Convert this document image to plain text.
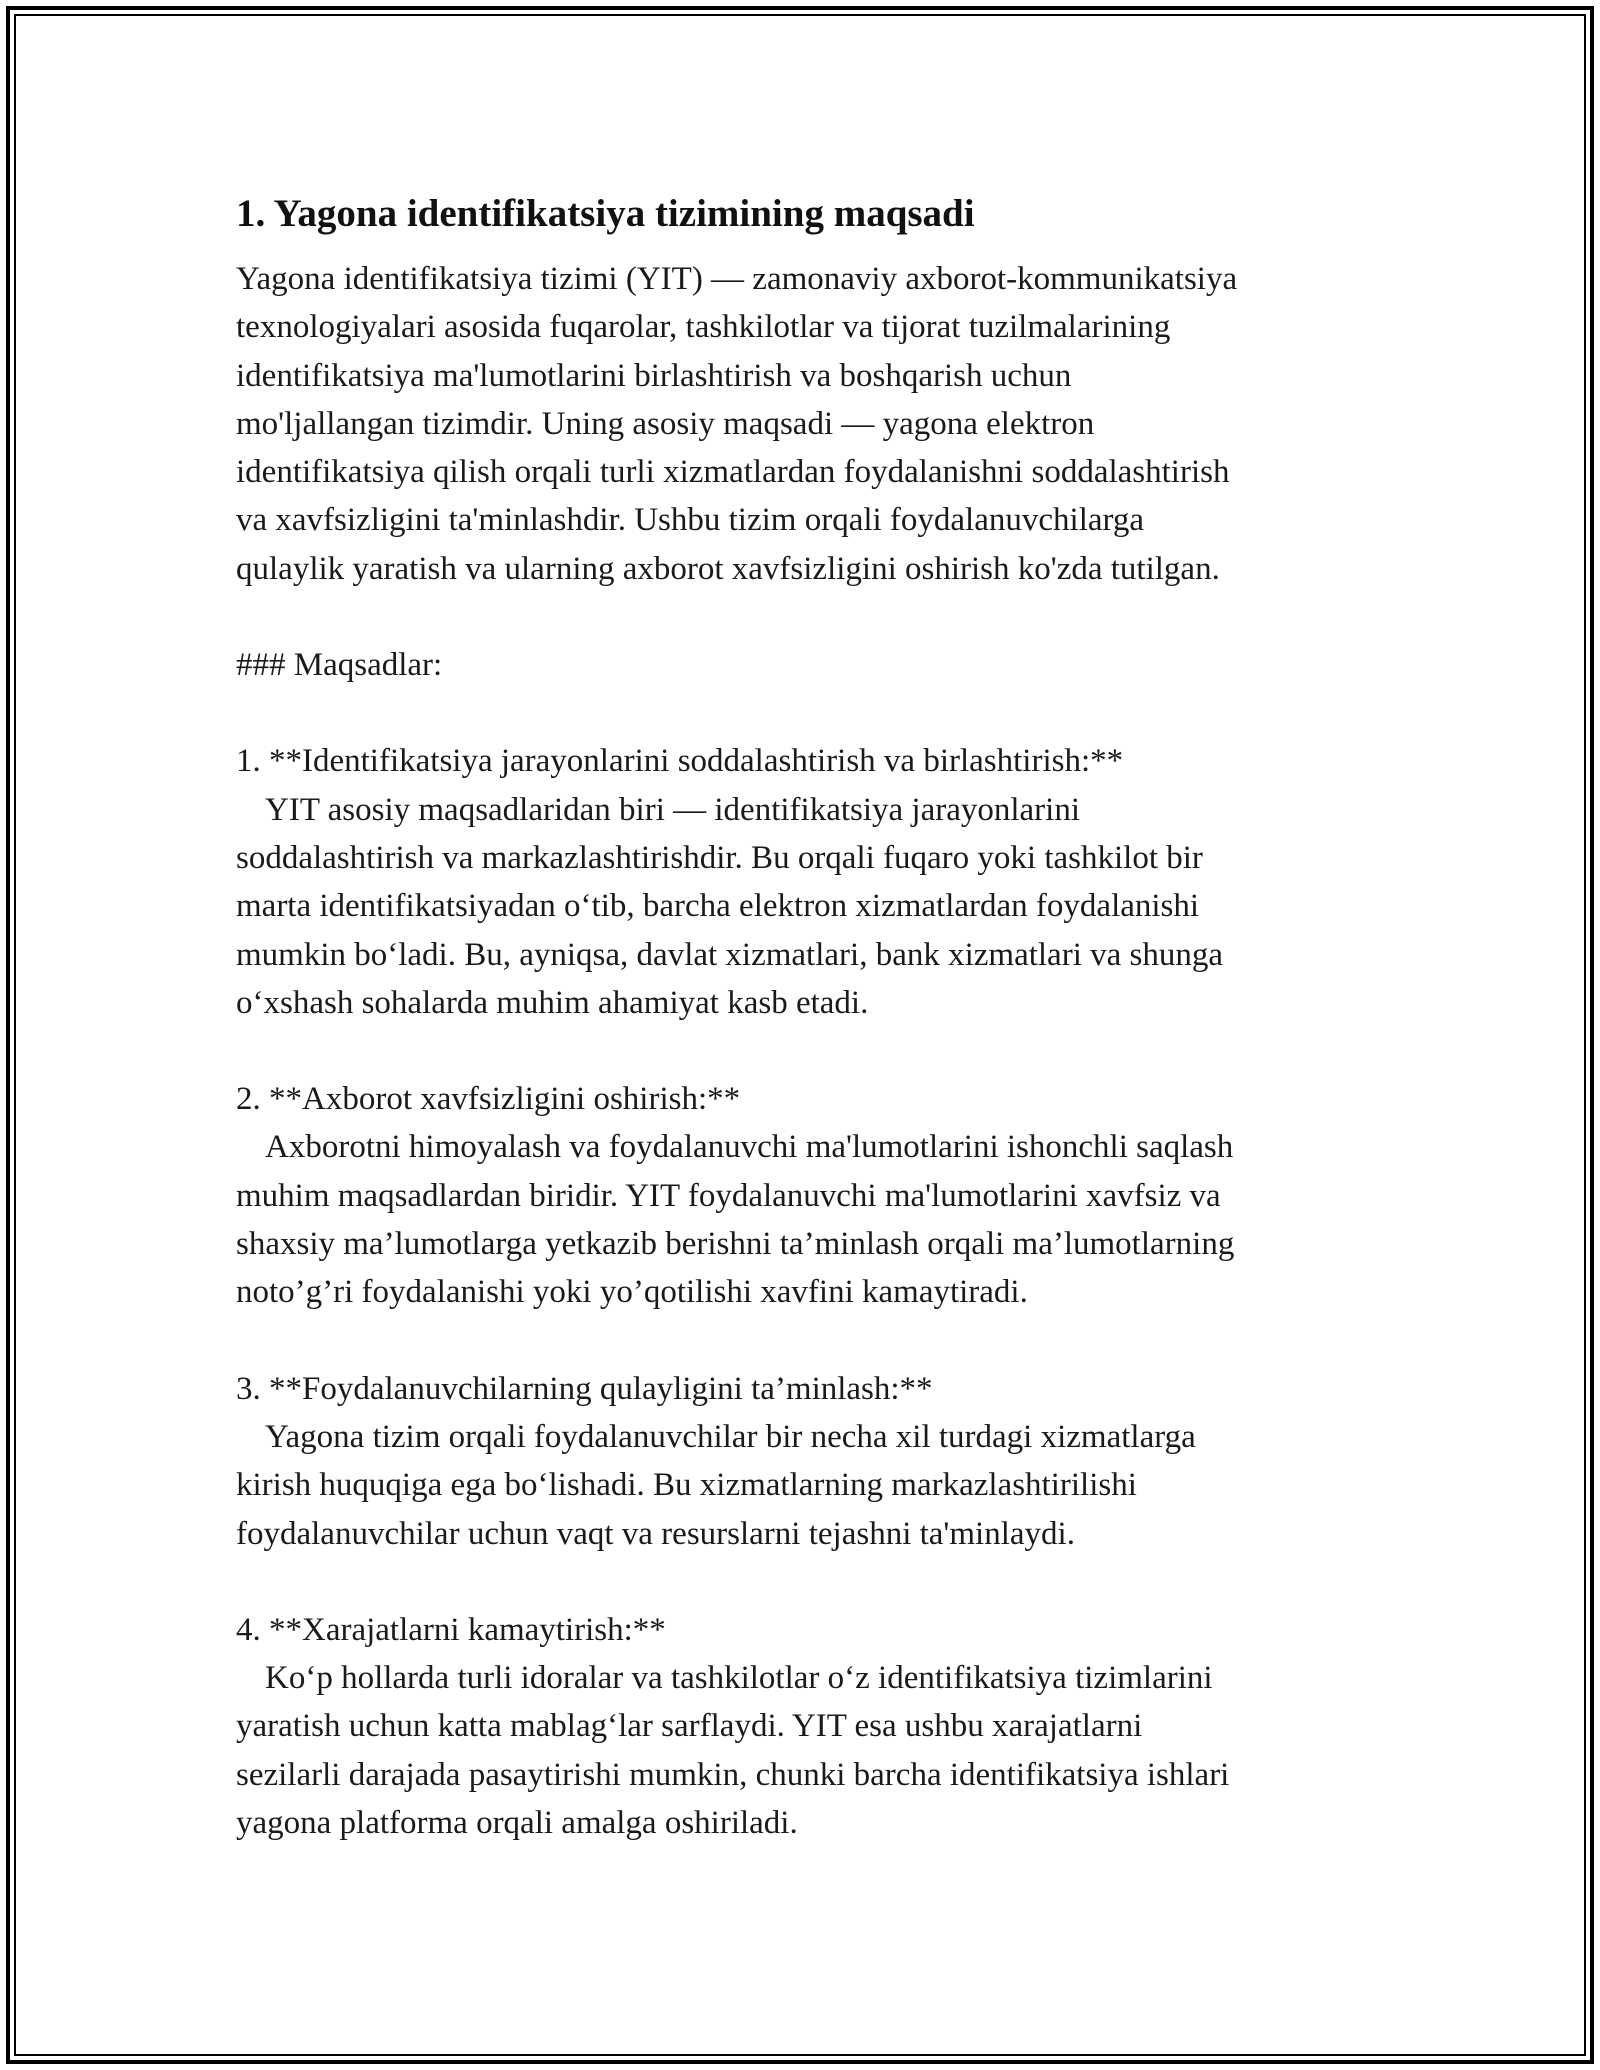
1. Yagona identifikatsiya tizimining maqsadi
Yagona identifikatsiya tizimi (YIT) — zamonaviy axborot-kommunikatsiya
texnologiyalari asosida fuqarolar, tashkilotlar va tijorat tuzilmalarining
identifikatsiya ma'lumotlarini birlashtirish va boshqarish uchun
mo'ljallangan tizimdir. Uning asosiy maqsadi — yagona elektron
identifikatsiya qilish orqali turli xizmatlardan foydalanishni soddalashtirish
va xavfsizligini ta'minlashdir. Ushbu tizim orqali foydalanuvchilarga
qulaylik yaratish va ularning axborot xavfsizligini oshirish ko'zda tutilgan.
### Maqsadlar:
1. **Identifikatsiya jarayonlarini soddalashtirish va birlashtirish:**
YIT asosiy maqsadlaridan biri — identifikatsiya jarayonlarini
soddalashtirish va markazlashtirishdir. Bu orqali fuqaro yoki tashkilot bir
marta identifikatsiyadan oʻtib, barcha elektron xizmatlardan foydalanishi
mumkin boʻladi. Bu, ayniqsa, davlat xizmatlari, bank xizmatlari va shunga
oʻxshash sohalarda muhim ahamiyat kasb etadi.
2. **Axborot xavfsizligini oshirish:**
Axborotni himoyalash va foydalanuvchi ma'lumotlarini ishonchli saqlash
muhim maqsadlardan biridir. YIT foydalanuvchi ma'lumotlarini xavfsiz va
shaxsiy ma’lumotlarga yetkazib berishni ta’minlash orqali ma’lumotlarning
noto’g’ri foydalanishi yoki yo’qotilishi xavfini kamaytiradi.
3. **Foydalanuvchilarning qulayligini ta’minlash:**
Yagona tizim orqali foydalanuvchilar bir necha xil turdagi xizmatlarga
kirish huquqiga ega boʻlishadi. Bu xizmatlarning markazlashtirilishi
foydalanuvchilar uchun vaqt va resurslarni tejashni ta'minlaydi.
4. **Xarajatlarni kamaytirish:**
Koʻp hollarda turli idoralar va tashkilotlar oʻz identifikatsiya tizimlarini
yaratish uchun katta mablagʻlar sarflaydi. YIT esa ushbu xarajatlarni
sezilarli darajada pasaytirishi mumkin, chunki barcha identifikatsiya ishlari
yagona platforma orqali amalga oshiriladi.
